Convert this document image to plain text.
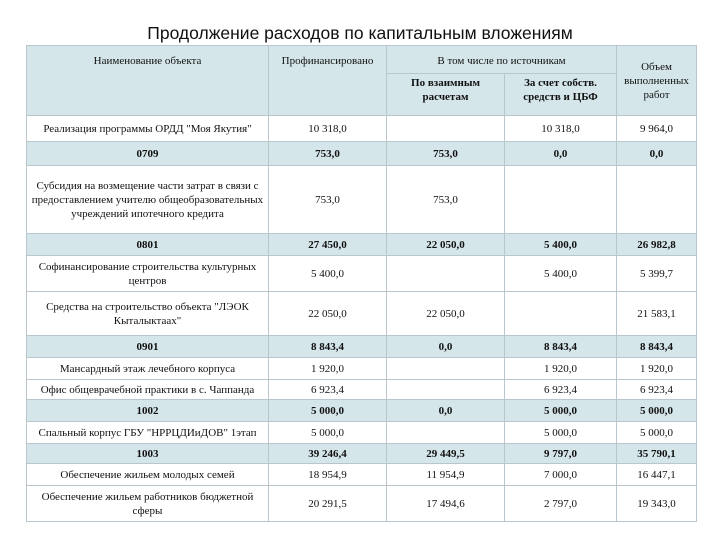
Продолжение расходов по капитальным вложениям
Наименование объекта	Профинансировано	В том числе по источникам		Объем выполненных работ
		По взаимным расчетам	За счет собств. средств и ЦБФ	
Реализация программы ОРДД "Моя Якутия"	10 318,0		10 318,0	9 964,0
0709	753,0	753,0	0,0	0,0
Субсидия на возмещение части затрат в связи с предоставлением учителю общеобразовательных учреждений ипотечного кредита	753,0	753,0		
0801	27 450,0	22 050,0	5 400,0	26 982,8
Софинансирование строительства культурных центров	5 400,0		5 400,0	5 399,7
Средства на строительство объекта "ЛЭОК Кыталыктаах"	22 050,0	22 050,0		21 583,1
0901	8 843,4	0,0	8 843,4	8 843,4
Мансардный этаж лечебного корпуса	1 920,0		1 920,0	1 920,0
Офис общеврачебной практики в с. Чаппанда	6 923,4		6 923,4	6 923,4
1002	5 000,0	0,0	5 000,0	5 000,0
Спальный корпус ГБУ "НРРЦДИиДОВ" 1этап	5 000,0		5 000,0	5 000,0
1003	39 246,4	29 449,5	9 797,0	35 790,1
Обеспечение жильем молодых семей	18 954,9	11 954,9	7 000,0	16 447,1
Обеспечение жильем работников бюджетной сферы	20 291,5	17 494,6	2 797,0	19 343,0
